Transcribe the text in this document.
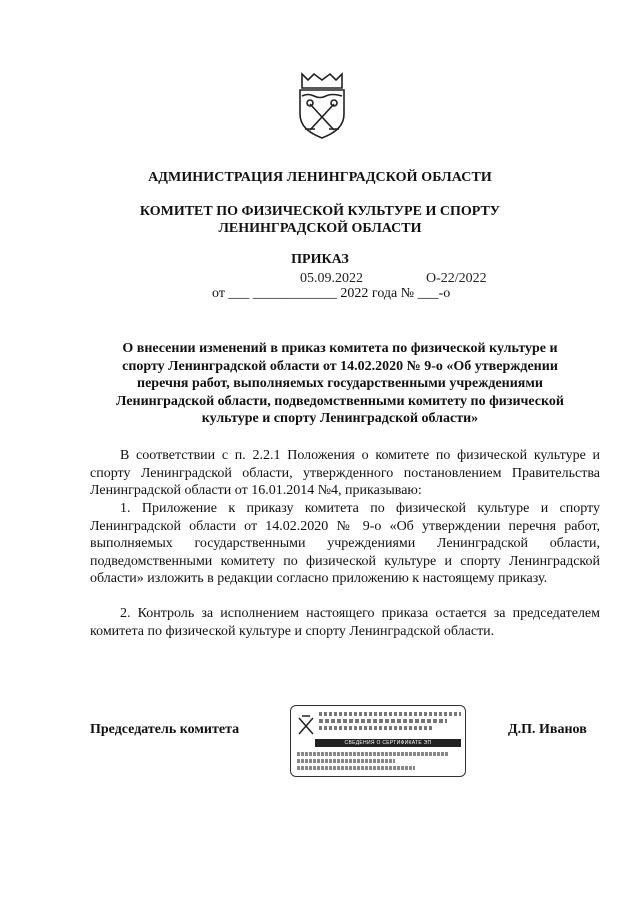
АДМИНИСТРАЦИЯ ЛЕНИНГРАДСКОЙ ОБЛАСТИ
КОМИТЕТ ПО ФИЗИЧЕСКОЙ КУЛЬТУРЕ И СПОРТУ
ЛЕНИНГРАДСКОЙ ОБЛАСТИ
ПРИКАЗ
05.09.2022	О-22/2022
от ___ ____________ 2022 года № ___-о
О внесении изменений в приказ комитета по физической культуре и
спорту Ленинградской области от 14.02.2020 № 9-о «Об утверждении
перечня работ, выполняемых государственными учреждениями
Ленинградской области, подведомственными комитету по физической
культуре и спорту Ленинградской области»
В соответствии с п. 2.2.1 Положения о комитете по физической культуре и спорту Ленинградской области, утвержденного постановлением Правительства Ленинградской области от 16.01.2014 №4, приказываю:
1. Приложение к приказу комитета по физической культуре и спорту Ленинградской области от 14.02.2020 № 9-о «Об утверждении перечня работ, выполняемых государственными учреждениями Ленинградской области, подведомственными комитету по физической культуре и спорту Ленинградской области» изложить в редакции согласно приложению к настоящему приказу.
2. Контроль за исполнением настоящего приказа остается за председателем комитета по физической культуре и спорту Ленинградской области.
Председатель комитета
СВЕДЕНИЯ О СЕРТИФИКАТЕ ЭП
Д.П. Иванов
